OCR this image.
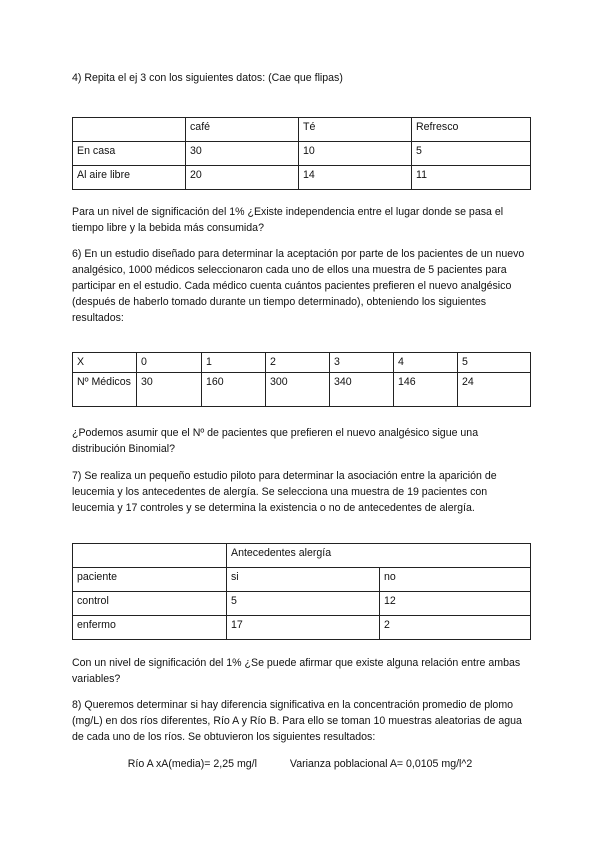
4) Repita el ej 3 con los siguientes datos: (Cae que flipas)

	café	Té	Refresco
En casa	30	10	5
Al aire libre	20	14	11

Para un nivel de significación del 1% ¿Existe independencia entre el lugar donde se pasa el tiempo libre y la bebida más consumida?

6) En un estudio diseñado para determinar la aceptación por parte de los pacientes de un nuevo analgésico, 1000 médicos seleccionaron cada uno de ellos una muestra de 5 pacientes para participar en el estudio. Cada médico cuenta cuántos pacientes prefieren el nuevo analgésico (después de haberlo tomado durante un tiempo determinado), obteniendo los siguientes resultados:

X	0	1	2	3	4	5
Nº Médicos	30	160	300	340	146	24

¿Podemos asumir que el Nº de pacientes que prefieren el nuevo analgésico sigue una distribución Binomial?

7) Se realiza un pequeño estudio piloto para determinar la asociación entre la aparición de leucemia y los antecedentes de alergía. Se selecciona una muestra de 19 pacientes con leucemia y 17 controles y se determina la existencia o no de antecedentes de alergía.

	Antecedentes alergía	
paciente	si	no
control	5	12
enfermo	17	2

Con un nivel de significación del 1% ¿Se puede afirmar que existe alguna relación entre ambas variables?

8) Queremos determinar si hay diferencia significativa en la concentración promedio de plomo (mg/L) en dos ríos diferentes, Río A y Río B. Para ello se toman 10 muestras aleatorias de agua de cada uno de los ríos. Se obtuvieron los siguientes resultados:

Río A xA(media)= 2,25 mg/l	Varianza poblacional A= 0,0105 mg/l^2
